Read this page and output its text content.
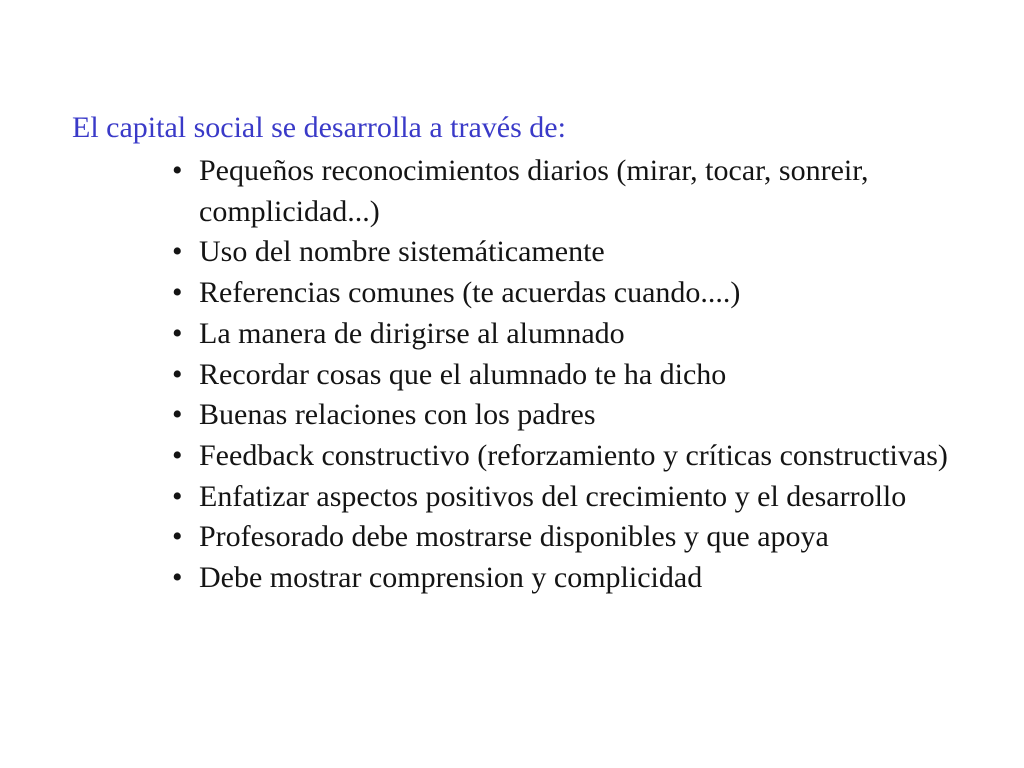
El capital social se desarrolla a través de:
• Pequeños reconocimientos diarios (mirar, tocar, sonreir, complicidad...)
• Uso del nombre sistemáticamente
• Referencias comunes (te acuerdas cuando....)
• La manera de dirigirse al alumnado
• Recordar cosas que el alumnado te ha dicho
• Buenas relaciones con los padres
• Feedback constructivo (reforzamiento y críticas constructivas)
• Enfatizar aspectos positivos del crecimiento y el desarrollo
• Profesorado debe mostrarse disponibles y que apoya
• Debe mostrar comprension y complicidad
